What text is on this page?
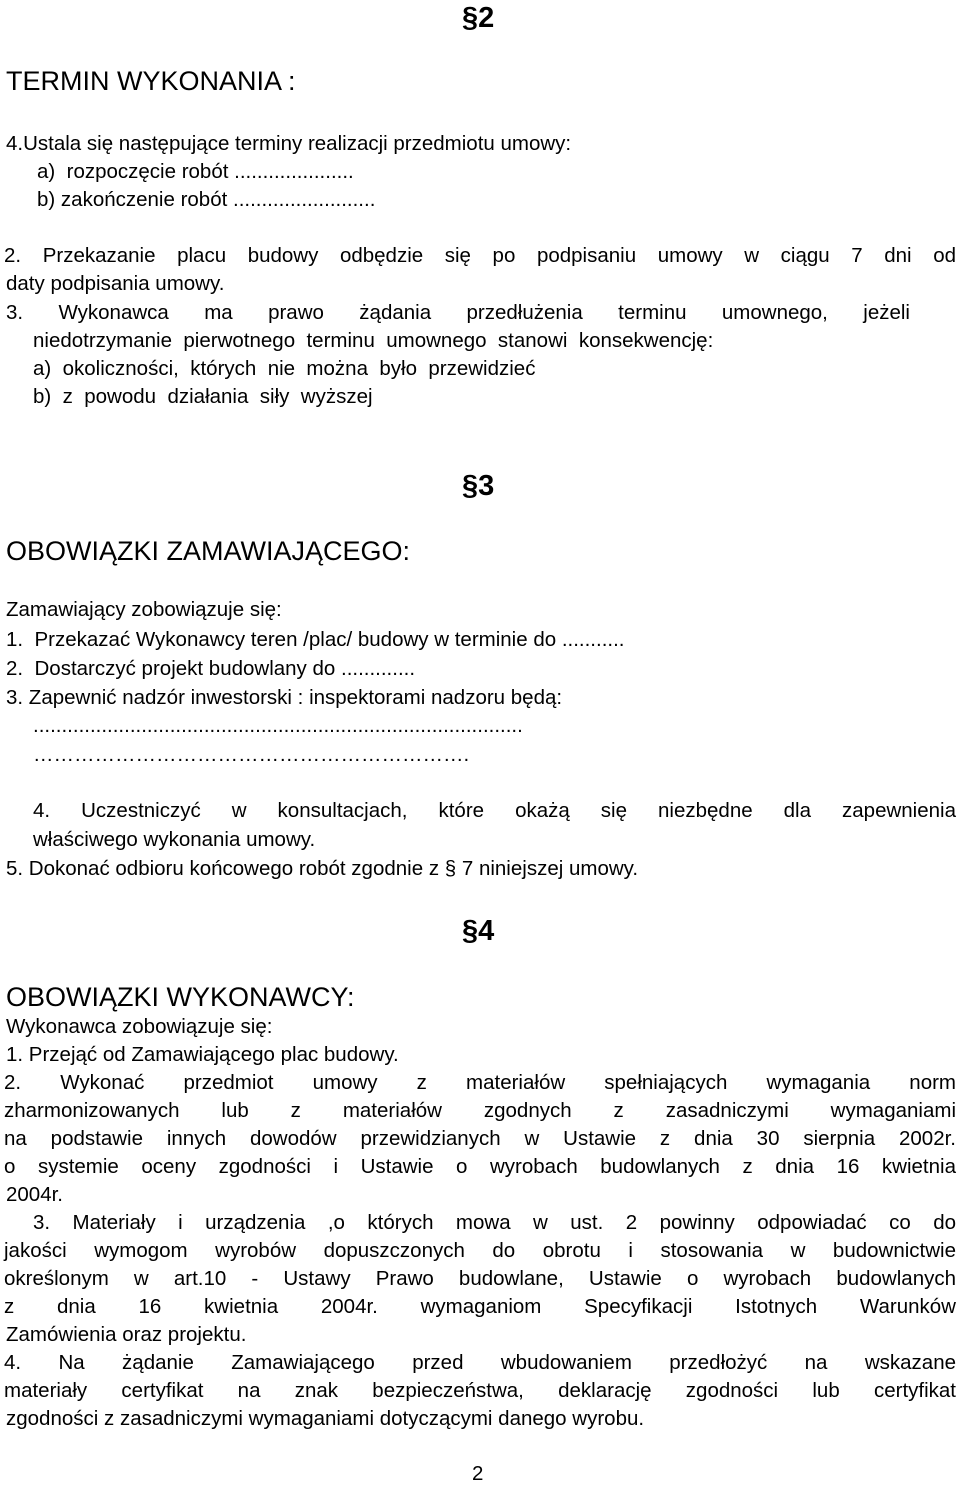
§2
TERMIN WYKONANIA :
4.Ustala się następujące terminy realizacji przedmiotu umowy:
a)  rozpoczęcie robót .....................
b) zakończenie robót .........................
2. Przekazanie placu budowy odbędzie się po podpisaniu umowy w ciągu 7 dni od
daty podpisania umowy.
3. Wykonawca ma prawo żądania przedłużenia terminu umownego, jeżeli
niedotrzymanie  pierwotnego  terminu  umownego  stanowi  konsekwencję:
a)  okoliczności,  których  nie  można  było  przewidzieć
b)  z  powodu  działania  siły  wyższej
§3
OBOWIĄZKI ZAMAWIAJĄCEGO:
Zamawiający zobowiązuje się:
1.  Przekazać Wykonawcy teren /plac/ budowy w terminie do ...........
2.  Dostarczyć projekt budowlany do .............
3. Zapewnić nadzór inwestorski : inspektorami nadzoru będą:
......................................................................................
……………………………………………………….
4. Uczestniczyć w konsultacjach, które okażą się niezbędne dla zapewnienia
właściwego wykonania umowy.
5. Dokonać odbioru końcowego robót zgodnie z § 7 niniejszej umowy.
§4
OBOWIĄZKI WYKONAWCY:
Wykonawca zobowiązuje się:
1. Przejąć od Zamawiającego plac budowy.
2. Wykonać przedmiot umowy z materiałów spełniających wymagania norm
zharmonizowanych lub z materiałów zgodnych z zasadniczymi wymaganiami
na podstawie innych dowodów przewidzianych w Ustawie z dnia 30 sierpnia 2002r.
o systemie oceny zgodności i Ustawie o wyrobach budowlanych z dnia 16 kwietnia
2004r.
3. Materiały i urządzenia ,o których mowa w ust. 2 powinny odpowiadać co do
jakości wymogom wyrobów dopuszczonych do obrotu i stosowania w budownictwie
określonym w art.10 - Ustawy Prawo budowlane, Ustawie o wyrobach budowlanych
z dnia 16 kwietnia 2004r. wymaganiom Specyfikacji Istotnych Warunków
Zamówienia oraz projektu.
4. Na żądanie Zamawiającego przed wbudowaniem przedłożyć na wskazane
materiały certyfikat na znak bezpieczeństwa, deklarację zgodności lub certyfikat
zgodności z zasadniczymi wymaganiami dotyczącymi danego wyrobu.
2
